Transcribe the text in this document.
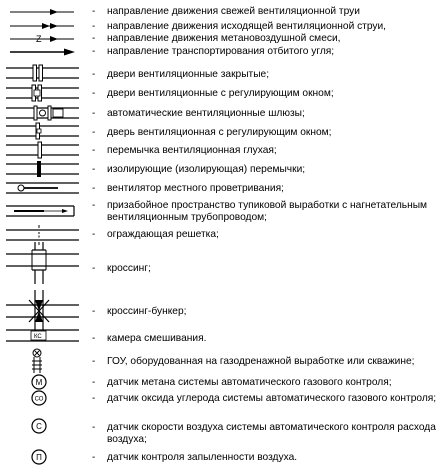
- направление движения свежей вентиляционной труи
- направление движения исходящей вентиляционной струи,
Z	- направление движения метановоздушной смеси,
- направление транспортирования отбитого угля;
- двери вентиляционные закрытые;
- двери вентиляционные с регулирующим окном;
- автоматические вентиляционные шлюзы;
- дверь вентиляционная с регулирующим окном;
- перемычка вентиляционная глухая;
- изолирующие (изолирующая) перемычки;
- вентилятор местного проветривания;
- призабойное пространство тупиковой выработки с нагнетательным вентиляционным трубопроводом;
- ограждающая решетка;
- кроссинг;
- кроссинг-бункер;
КС	- камера смешивания.
- ГОУ, оборудованная на газодренажной выработке или скважине;
М	- датчик метана системы автоматического газового контроля;
СО	- датчик оксида углерода системы автоматического газового контроля;
С	- датчик скорости воздуха системы автоматического контроля расхода воздуха;
П	- датчик контроля запыленности воздуха.
